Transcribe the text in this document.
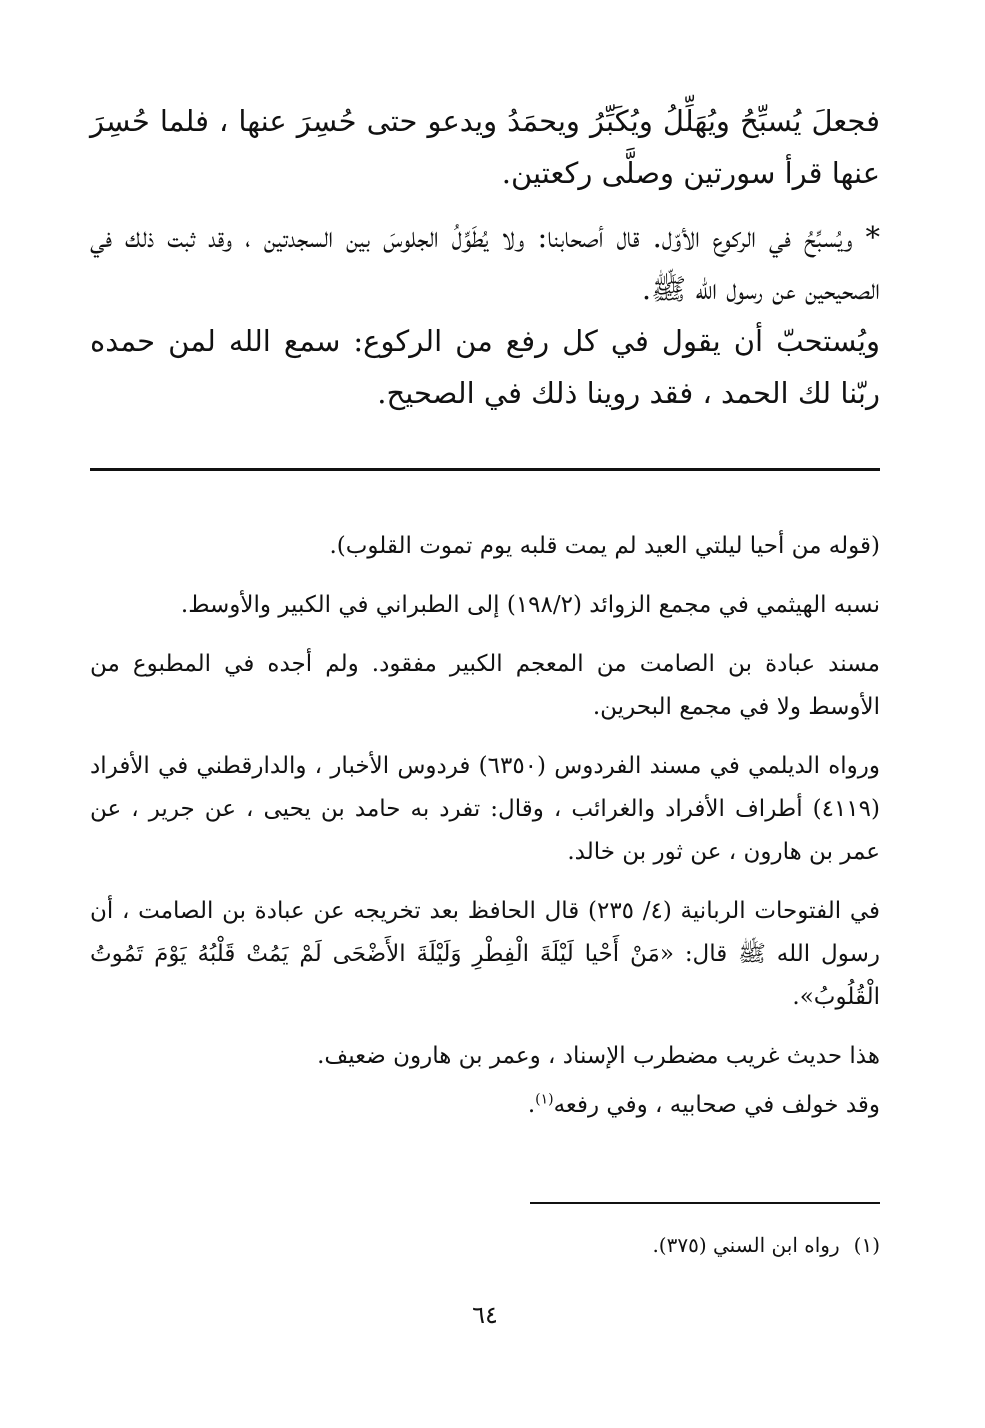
فجعلَ يُسبِّحُ ويُهَلِّلُ ويُكَبِّرُ ويحمَدُ ويدعو حتى حُسِرَ عنها ، فلما حُسِرَ عنها قرأ سورتين وصلَّى ركعتين.

* ويُسبِّحُ في الركوع الأوّل. قال أصحابنا: ولا يُطَوِّلُ الجلوسَ بين السجدتين ، وقد ثبت ذلك في الصحيحين عن رسول الله ﷺ.

ويُستحبّ أن يقول في كل رفع من الركوع: سمع الله لمن حمده ربّنا لك الحمد ، فقد روينا ذلك في الصحيح.

(قوله من أحيا ليلتي العيد لم يمت قلبه يوم تموت القلوب).

نسبه الهيثمي في مجمع الزوائد (١٩٨/٢) إلى الطبراني في الكبير والأوسط.

مسند عبادة بن الصامت من المعجم الكبير مفقود. ولم أجده في المطبوع من الأوسط ولا في مجمع البحرين.

ورواه الديلمي في مسند الفردوس (٦٣٥٠) فردوس الأخبار ، والدارقطني في الأفراد (٤١١٩) أطراف الأفراد والغرائب ، وقال: تفرد به حامد بن يحيى ، عن جرير ، عن عمر بن هارون ، عن ثور بن خالد.

في الفتوحات الربانية (٤/ ٢٣٥) قال الحافظ بعد تخريجه عن عبادة بن الصامت ، أن رسول الله ﷺ قال: «مَنْ أَحْيا لَيْلَةَ الْفِطْرِ وَلَيْلَةَ الأَضْحَى لَمْ يَمُتْ قَلْبُهُ يَوْمَ تَمُوتُ الْقُلُوبُ».

هذا حديث غريب مضطرب الإسناد ، وعمر بن هارون ضعيف.

وقد خولف في صحابيه ، وفي رفعه$^{(١)}$.

(١)رواه ابن السني (٣٧٥).
٦٤
